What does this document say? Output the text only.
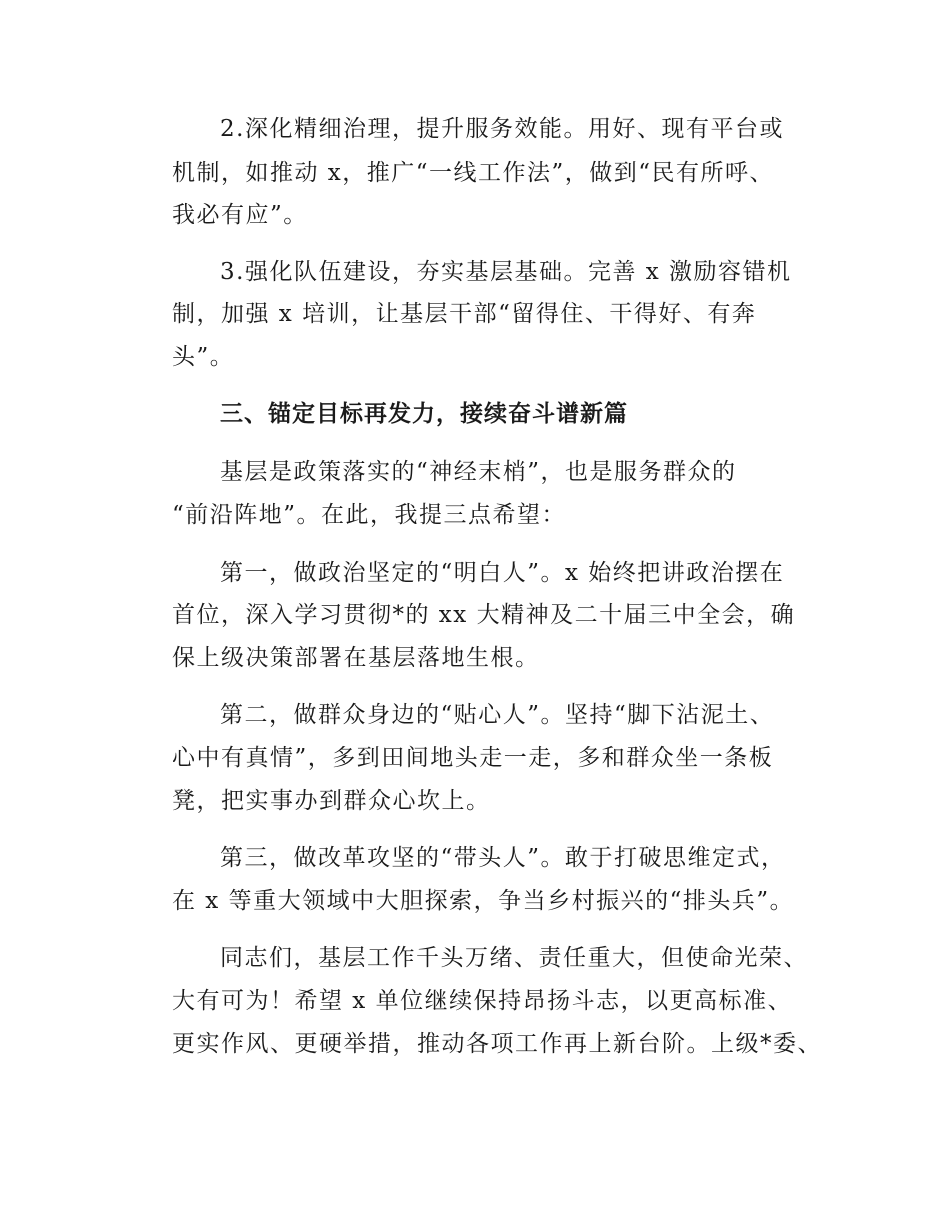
2.深化精细治理，提升服务效能。用好、现有平台或
机制，如推动 x，推广“一线工作法”，做到“民有所呼、
我必有应”。
3.强化队伍建设，夯实基层基础。完善 x 激励容错机
制，加强 x 培训，让基层干部“留得住、干得好、有奔
头”。
三、锚定目标再发力，接续奋斗谱新篇
基层是政策落实的“神经末梢”，也是服务群众的
“前沿阵地”。在此，我提三点希望：
第一，做政治坚定的“明白人”。x 始终把讲政治摆在
首位，深入学习贯彻*的 xx 大精神及二十届三中全会，确
保上级决策部署在基层落地生根。
第二，做群众身边的“贴心人”。坚持“脚下沾泥土、
心中有真情”，多到田间地头走一走，多和群众坐一条板
凳，把实事办到群众心坎上。
第三，做改革攻坚的“带头人”。敢于打破思维定式，
在 x 等重大领域中大胆探索，争当乡村振兴的“排头兵”。
同志们，基层工作千头万绪、责任重大，但使命光荣、
大有可为！希望 x 单位继续保持昂扬斗志，以更高标准、
更实作风、更硬举措，推动各项工作再上新台阶。上级*委、
